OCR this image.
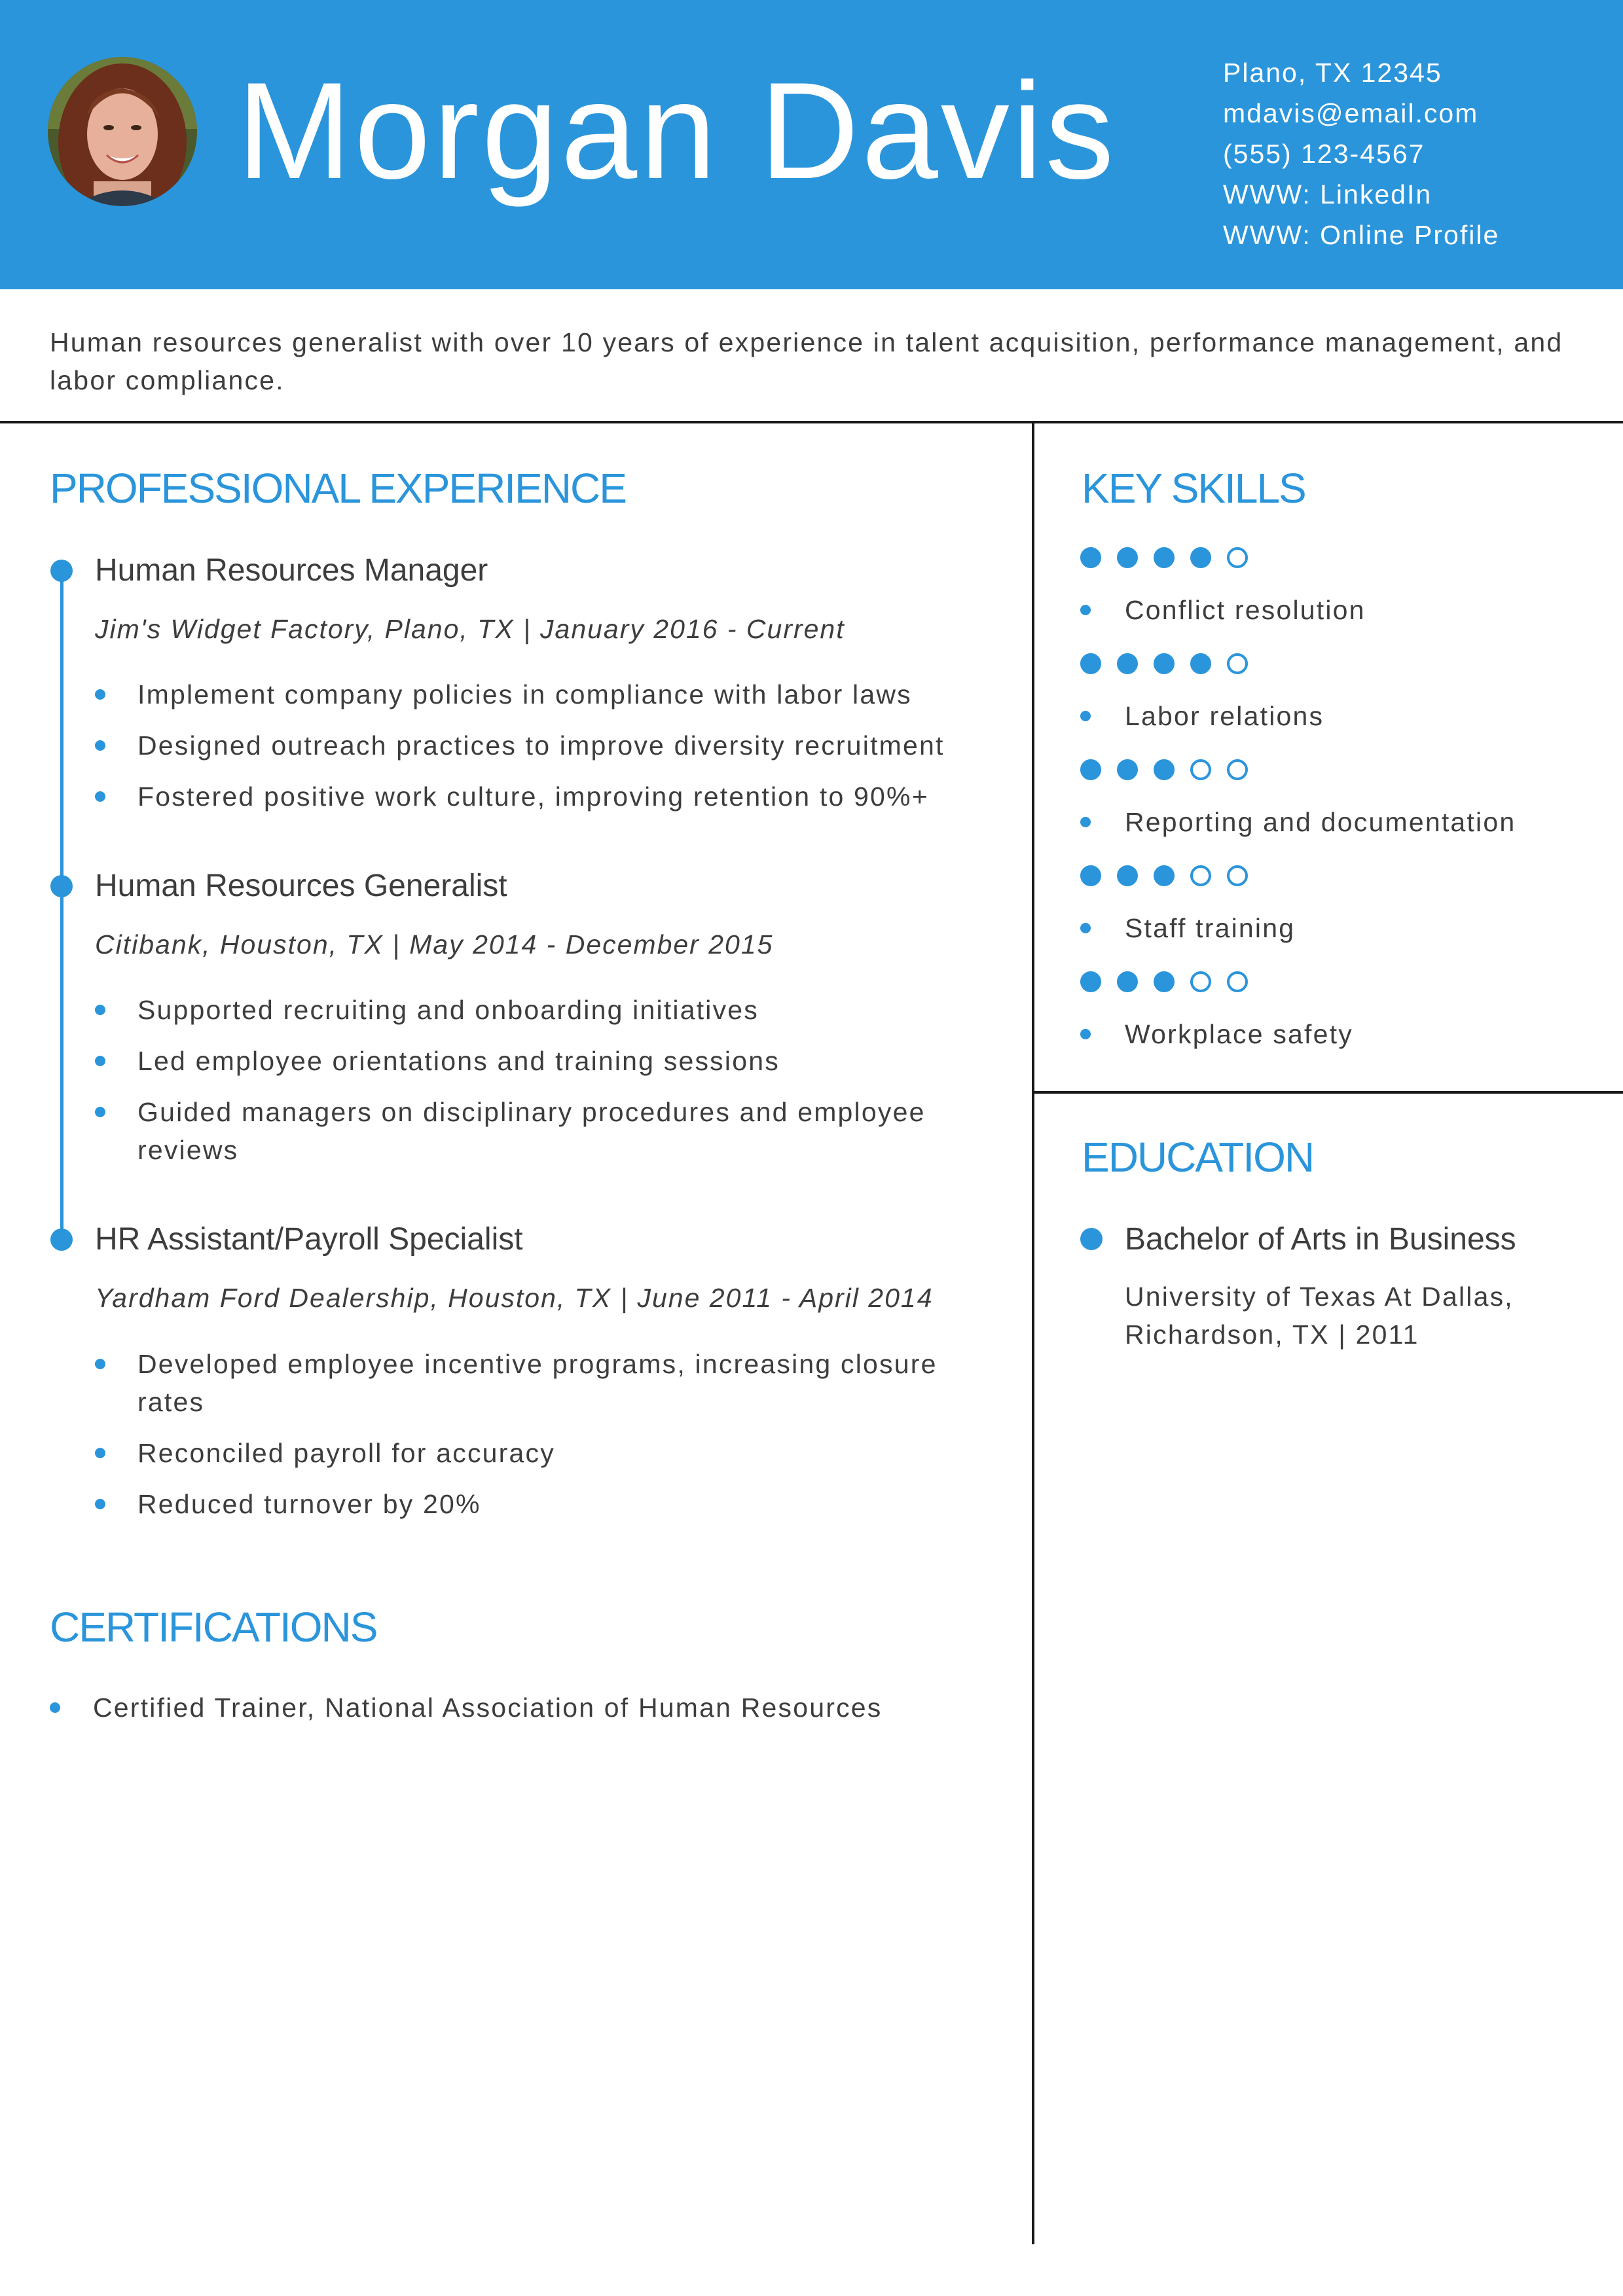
Morgan Davis	Plano, TX 12345
mdavis@email.com
(555) 123-4567
WWW: LinkedIn
WWW: Online Profile
Human resources generalist with over 10 years of experience in talent acquisition, performance management, and labor compliance.
PROFESSIONAL EXPERIENCE
Human Resources Manager
Jim's Widget Factory, Plano, TX | January 2016 - Current
Implement company policies in compliance with labor laws
Designed outreach practices to improve diversity recruitment
Fostered positive work culture, improving retention to 90%+
Human Resources Generalist
Citibank, Houston, TX | May 2014 - December 2015
Supported recruiting and onboarding initiatives
Led employee orientations and training sessions
Guided managers on disciplinary procedures and employee reviews
HR Assistant/Payroll Specialist
Yardham Ford Dealership, Houston, TX | June 2011 - April 2014
Developed employee incentive programs, increasing closure rates
Reconciled payroll for accuracy
Reduced turnover by 20%
KEY SKILLS
Conflict resolution
Labor relations
Reporting and documentation
Staff training
Workplace safety
EDUCATION
Bachelor of Arts in Business
University of Texas At Dallas, Richardson, TX | 2011
CERTIFICATIONS
Certified Trainer, National Association of Human Resources
